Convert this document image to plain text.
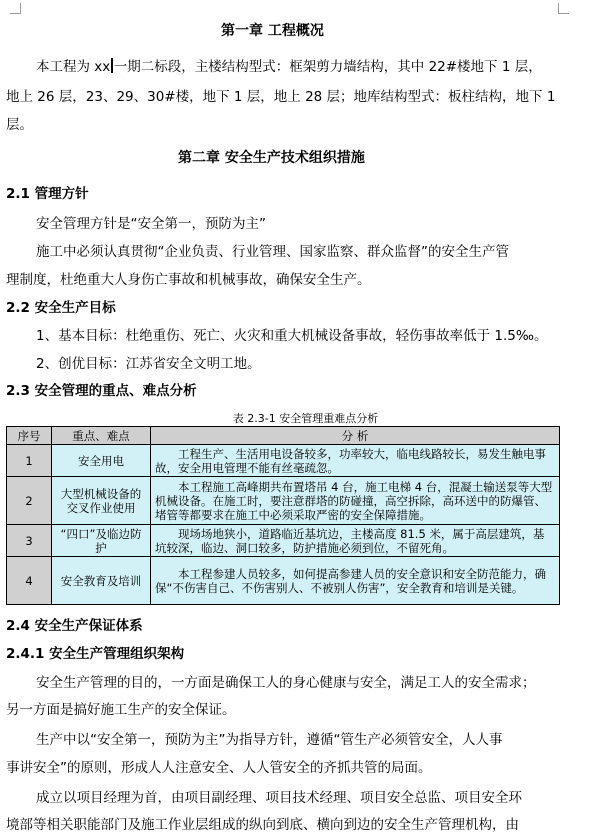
第一章 工程概况
本工程为 xx 一期二标段，主楼结构型式：框架剪力墙结构，其中 22#楼地下 1 层，
地上 26 层，23、29、30#楼，地下 1 层，地上 28 层；地库结构型式：板柱结构，地下 1
层。
第二章 安全生产技术组织措施
2.1 管理方针
安全管理方针是“安全第一，预防为主”
施工中必须认真贯彻“企业负责、行业管理、国家监察、群众监督”的安全生产管
理制度，杜绝重大人身伤亡事故和机械事故，确保安全生产。
2.2 安全生产目标
1、基本目标：杜绝重伤、死亡、火灾和重大机械设备事故，轻伤事故率低于 1.5‰。
2、创优目标：江苏省安全文明工地。
2.3 安全管理的重点、难点分析
表 2.3-1 安全管理重难点分析
序号	重点、难点	分 析
1	安全用电	工程生产、生活用电设备较多，功率较大，临电线路较长，易发生触电事故，安全用电管理不能有丝毫疏忽。
2	大型机械设备的交叉作业使用	本工程施工高峰期共布置塔吊 4 台，施工电梯 4 台，混凝土输送泵等大型机械设备。在施工时，要注意群塔的防碰撞，高空拆除，高环送中的防爆管、堵管等都要求在施工中必须采取严密的安全保障措施。
3	“四口”及临边防护	现场场地狭小，道路临近基坑边，主楼高度 81.5 米，属于高层建筑，基坑较深，临边、洞口较多，防护措施必须到位，不留死角。
4	安全教育及培训	本工程参建人员较多，如何提高参建人员的安全意识和安全防范能力，确保“不伤害自己、不伤害别人、不被别人伤害”，安全教育和培训是关键。
2.4 安全生产保证体系
2.4.1 安全生产管理组织架构
安全生产管理的目的，一方面是确保工人的身心健康与安全，满足工人的安全需求；
另一方面是搞好施工生产的安全保证。
生产中以“安全第一，预防为主”为指导方针，遵循“管生产必须管安全，人人事
事讲安全”的原则，形成人人注意安全、人人管安全的齐抓共管的局面。
成立以项目经理为首，由项目副经理、项目技术经理、项目安全总监、项目安全环
境部等相关职能部门及施工作业层组成的纵向到底、横向到边的安全生产管理机构，由
